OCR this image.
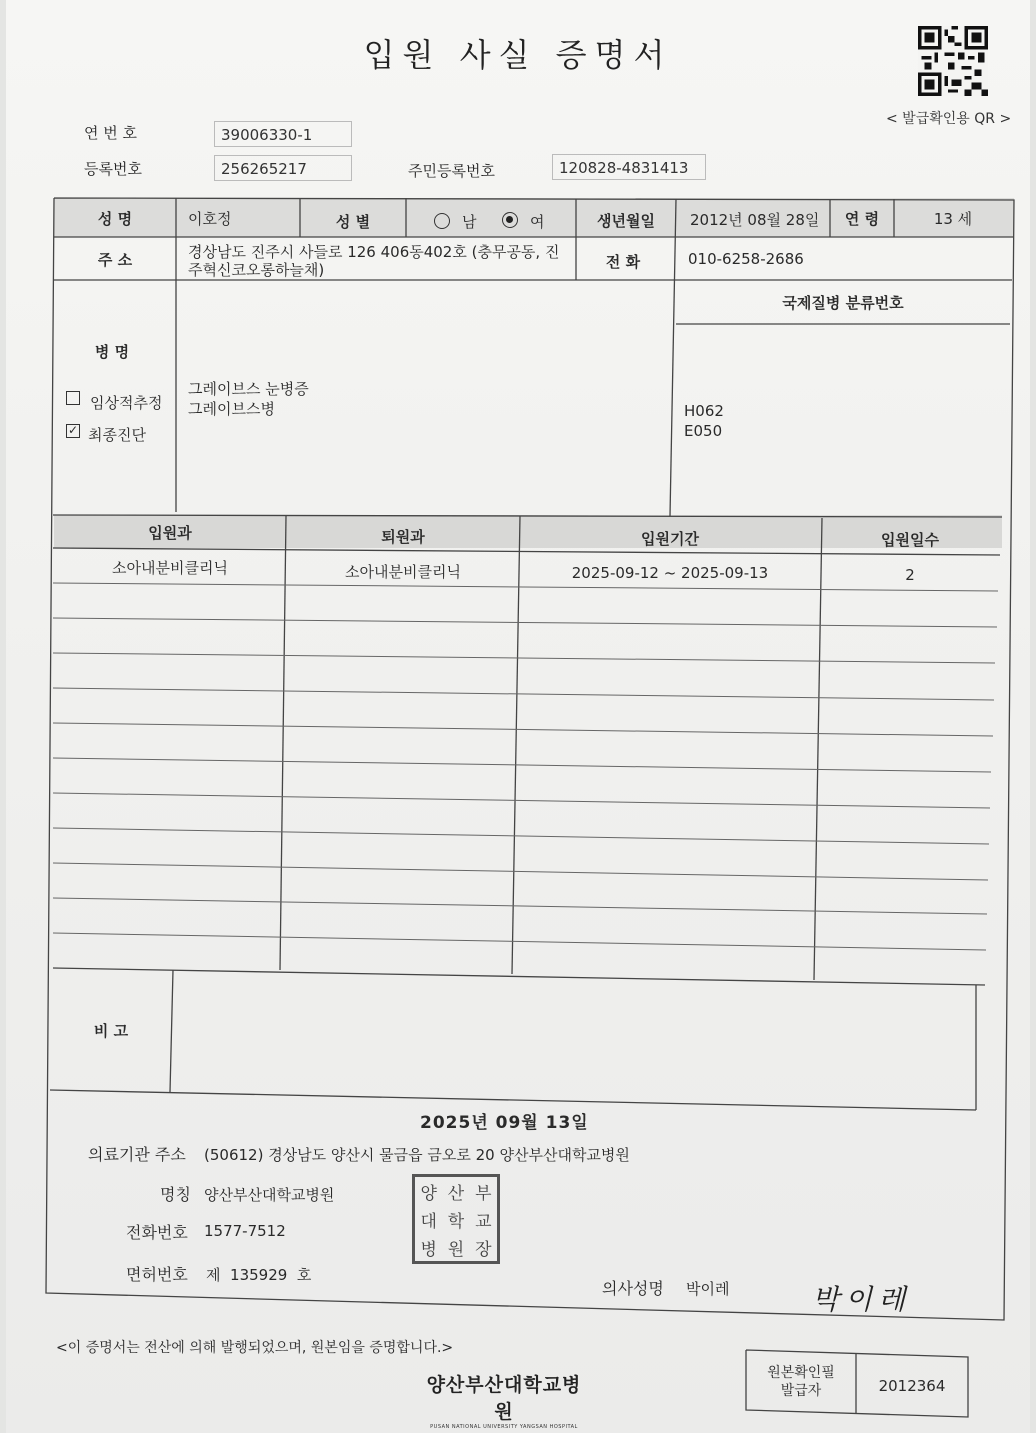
입원 사실 증명서
< 발급확인용 QR >
연 번 호	39006330-1
등록번호	256265217	주민등록번호	120828-4831413
성 명	이호정	성 별	남	여	생년월일	2012년 08월 28일	연 령	13 세
주 소	경상남도 진주시 사들로 126 406동402호 (충무공동, 진
주혁신코오롱하늘채)	전 화	010-6258-2686
병 명
임상적추정
✓ 최종진단
그레이브스 눈병증
그레이브스병
국제질병 분류번호
H062
E050
입원과	퇴원과	입원기간	입원일수
소아내분비클리닉	소아내분비클리닉	2025-09-12 ~ 2025-09-13	2
비 고
2025년 09월 13일
의료기관 주소 (50612) 경상남도 양산시 물금읍 금오로 20 양산부산대학교병원
명칭 양산부산대학교병원
전화번호 1577-7512
면허번호 제  135929  호
의사성명 박이레
양 산 부
대 학 교
병 원 장
박이레
<이 증명서는 전산에 의해 발행되었으며, 원본임을 증명합니다.>
양산부산대학교병원
PUSAN NATIONAL UNIVERSITY YANGSAN HOSPITAL
원본확인필
발급자	2012364
